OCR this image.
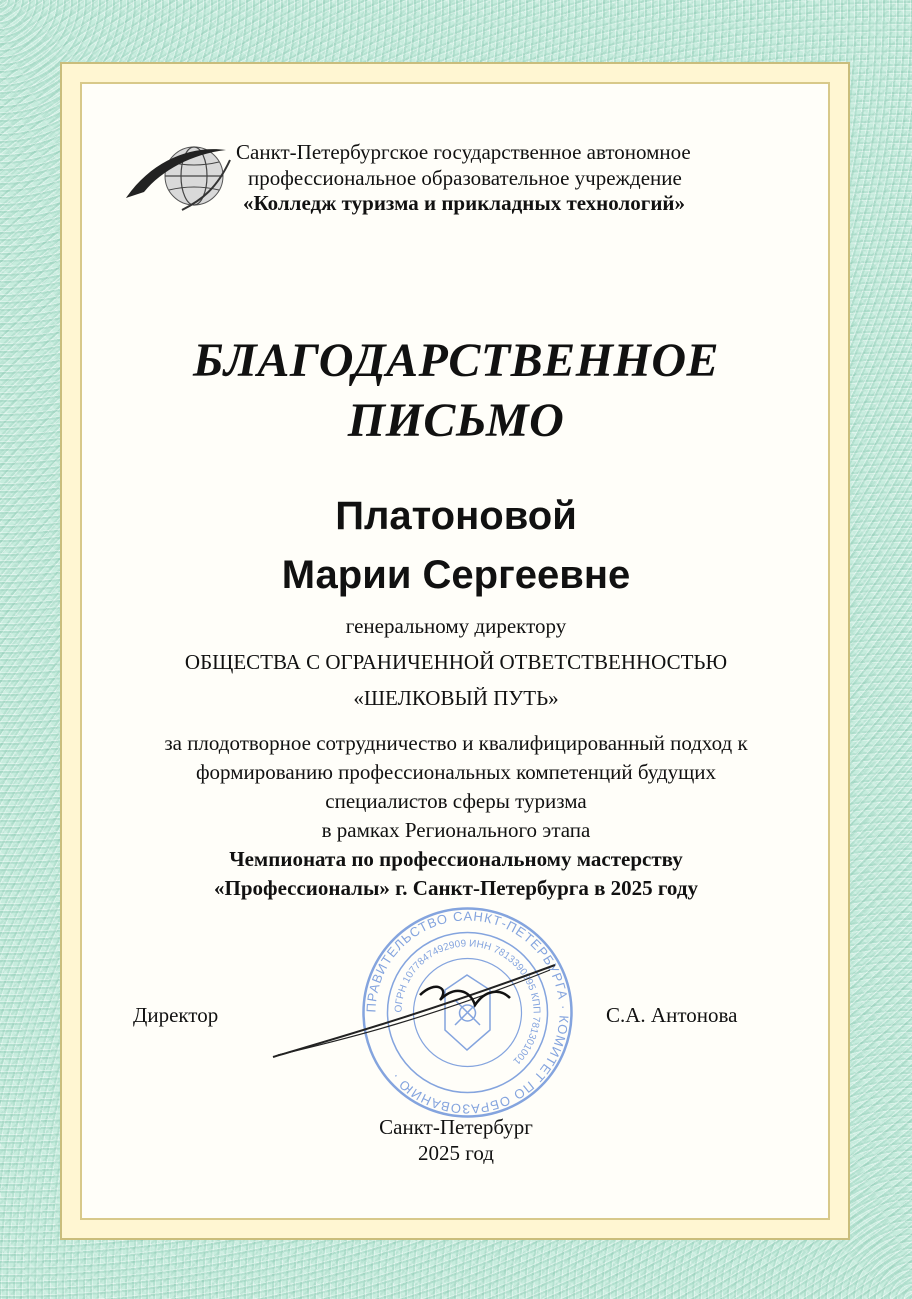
Санкт-Петербургское государственное автономное
профессиональное образовательное учреждение
«Колледж туризма и прикладных технологий»
БЛАГОДАРСТВЕННОЕ
ПИСЬМО
Платоновой
Марии Сергеевне
генеральному директору
ОБЩЕСТВА С ОГРАНИЧЕННОЙ ОТВЕТСТВЕННОСТЬЮ
«ШЕЛКОВЫЙ ПУТЬ»
за плодотворное сотрудничество и квалифицированный подход к
формированию профессиональных компетенций будущих
специалистов сферы туризма
в рамках Регионального этапа
Чемпионата по профессиональному мастерству
«Профессионалы» г. Санкт-Петербурга в 2025 году
ПРАВИТЕЛЬСТВО САНКТ-ПЕТЕРБУРГА · КОМИТЕТ ПО ОБРАЗОВАНИЮ ·
ОГРН 1077847492909 ИНН 7813390995 КПП 781301001
Директор	С.А. Антонова
Санкт-Петербург
2025 год
